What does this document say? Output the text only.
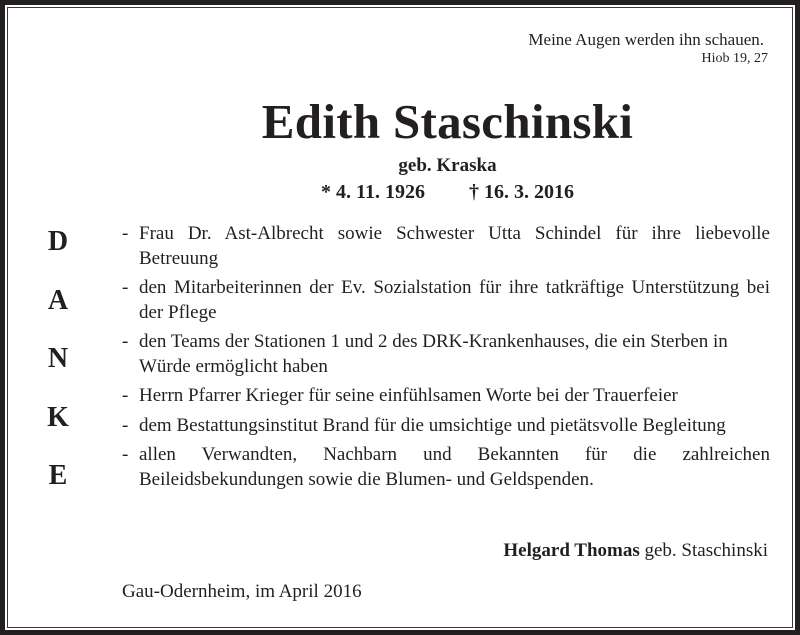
Meine Augen werden ihn schauen.
Hiob 19, 27
Edith Staschinski
geb. Kraska
* 4. 11. 1926 † 16. 3. 2016
D
A
N
K
E
- Frau Dr. Ast-Albrecht sowie Schwester Utta Schindel für ihre liebevolle Betreuung
- den Mitarbeiterinnen der Ev. Sozialstation für ihre tatkräftige Unterstützung bei der Pflege
- den Teams der Stationen 1 und 2 des DRK-Krankenhauses, die ein Sterben in Würde ermöglicht haben
- Herrn Pfarrer Krieger für seine einfühlsamen Worte bei der Trauerfeier
- dem Bestattungsinstitut Brand für die umsichtige und pietätsvolle Begleitung
- allen Verwandten, Nachbarn und Bekannten für die zahlreichen Beileidsbekundungen sowie die Blumen- und Geldspenden.
Helgard Thomas geb. Staschinski
Gau-Odernheim, im April 2016
